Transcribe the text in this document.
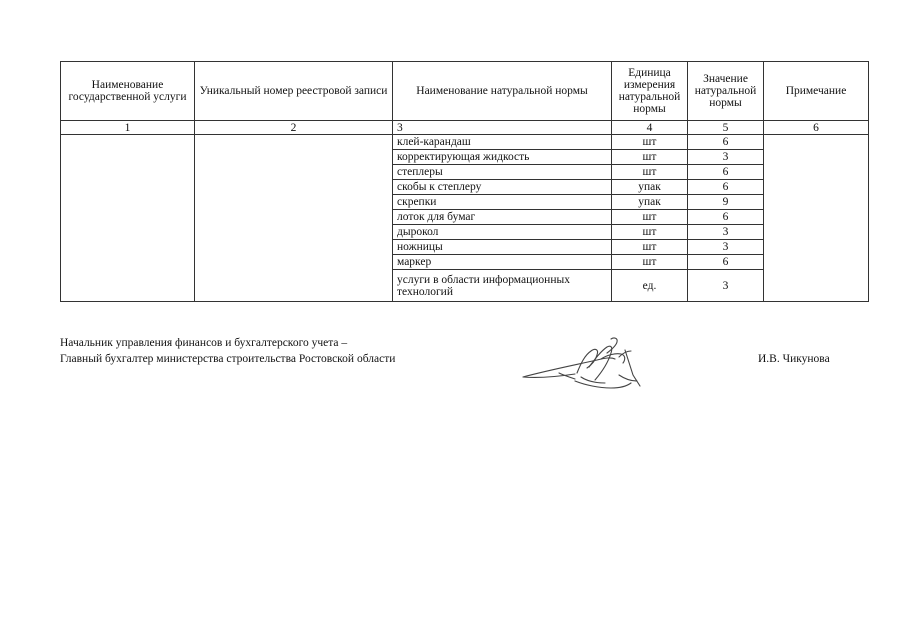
Наименование государственной услуги	Уникальный номер реестровой записи	Наименование натуральной нормы	Единица измерения натуральной нормы	Значение натуральной нормы	Примечание
1	2	3	4	5	6
		клей-карандаш	шт	6	
		корректирующая жидкость	шт	3	
		степлеры	шт	6	
		скобы к степлеру	упак	6	
		скрепки	упак	9	
		лоток для бумаг	шт	6	
		дырокол	шт	3	
		ножницы	шт	3	
		маркер	шт	6	
		услуги в области информационных технологий	ед.	3	
Начальник управления финансов и бухгалтерского учета –
Главный бухгалтер министерства строительства Ростовской области	И.В. Чикунова
